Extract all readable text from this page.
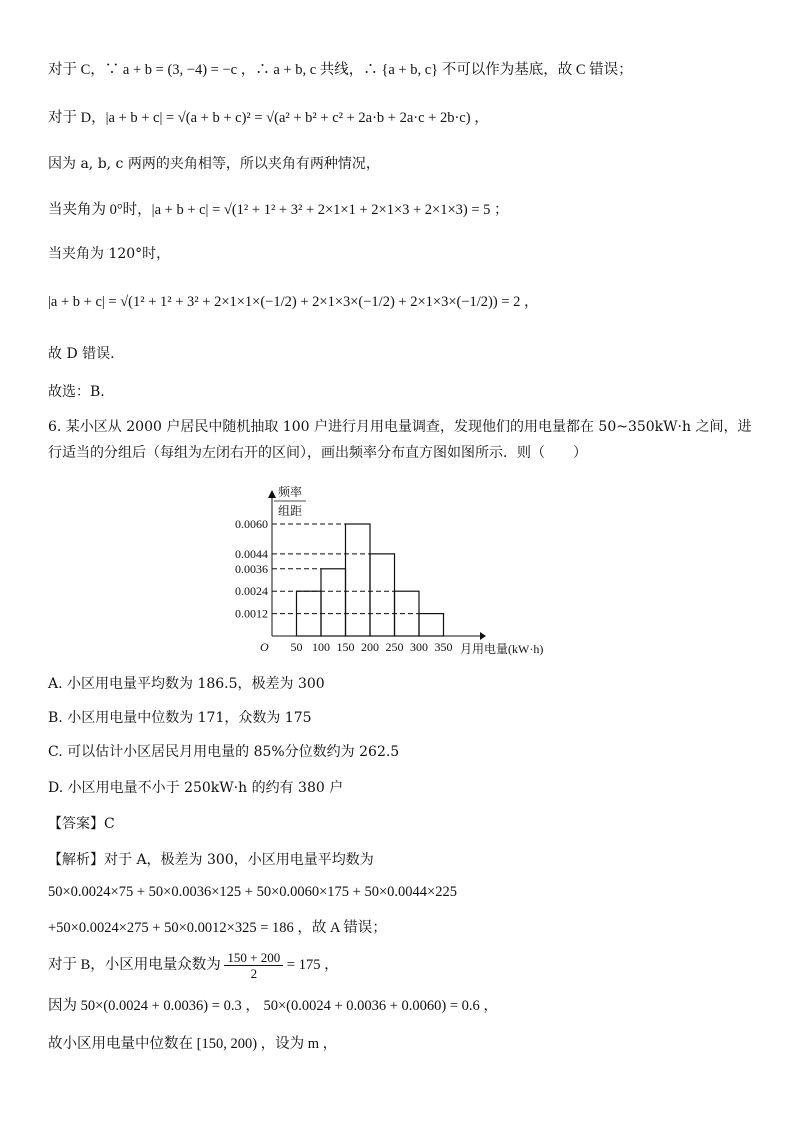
对于 C，∵ a + b = (3, −4) = −c ，∴ a + b, c 共线，∴ {a + b, c} 不可以作为基底，故 C 错误；
对于 D，|a + b + c| = √(a + b + c)² = √(a² + b² + c² + 2a·b + 2a·c + 2b·c) ，
因为 a, b, c 两两的夹角相等，所以夹角有两种情况，
当夹角为 0°时，|a + b + c| = √(1² + 1² + 3² + 2×1×1 + 2×1×3 + 2×1×3) = 5 ；
当夹角为 120°时，
|a + b + c| = √(1² + 1² + 3² + 2×1×1×(−1/2) + 2×1×3×(−1/2) + 2×1×3×(−1/2)) = 2 ，
故 D 错误.
故选：B.
6. 某小区从 2000 户居民中随机抽取 100 户进行月用电量调查，发现他们的用电量都在 50~350kW·h 之间，进行适当的分组后（每组为左闭右开的区间），画出频率分布直方图如图所示．则（　　）
0.0060
0.0044
0.0036
0.0024
0.0012
50 100 150 200 250 300 350
O
频率
组距
月用电量(kW·h)
A. 小区用电量平均数为 186.5，极差为 300
B. 小区用电量中位数为 171，众数为 175
C. 可以估计小区居民月用电量的 85%分位数约为 262.5
D. 小区用电量不小于 250kW·h 的约有 380 户
【答案】C
【解析】对于 A，极差为 300，小区用电量平均数为
50×0.0024×75 + 50×0.0036×125 + 50×0.0060×175 + 50×0.0044×225
+50×0.0024×275 + 50×0.0012×325 = 186 ，故 A 错误；
对于 B，小区用电量众数为 $\frac{150 + 200}{2} = 175$ ，
因为 50×(0.0024 + 0.0036) = 0.3 ， 50×(0.0024 + 0.0036 + 0.0060) = 0.6 ，
故小区用电量中位数在 [150, 200) ，设为 m ，
